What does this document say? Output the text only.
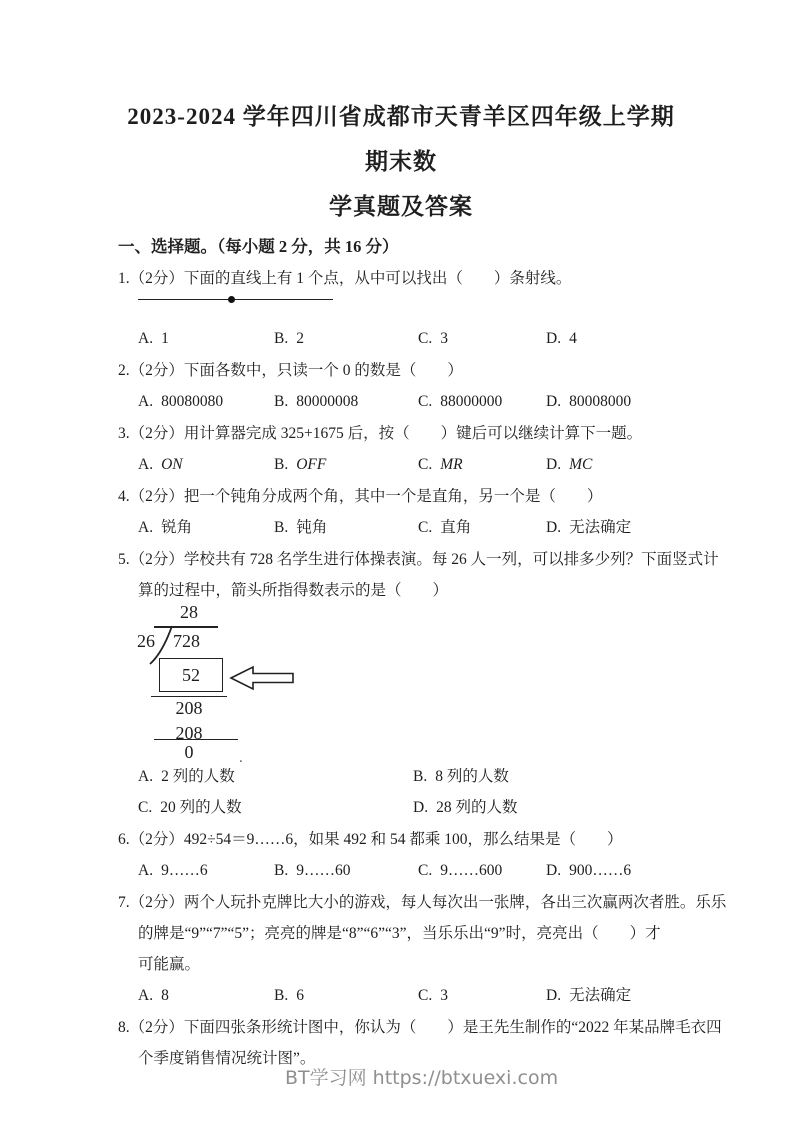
2023-2024 学年四川省成都市天青羊区四年级上学期期末数
学真题及答案
一、选择题。（每小题 2 分，共 16 分）
1.（2分）下面的直线上有 1 个点，从中可以找出（　　）条射线。
A. 1	B. 2	C. 3	D. 4
2.（2分）下面各数中，只读一个 0 的数是（　　）
A. 80080080	B. 80000008	C. 88000000	D. 80008000
3.（2分）用计算器完成 325+1675 后，按（　　）键后可以继续计算下一题。
A. ON	B. OFF	C. MR	D. MC
4.（2分）把一个钝角分成两个角，其中一个是直角，另一个是（　　）
A. 锐角	B. 钝角	C. 直角	D. 无法确定
5.（2分）学校共有 728 名学生进行体操表演。每 26 人一列，可以排多少列？下面竖式计
算的过程中，箭头所指得数表示的是（　　）
28
26	728
52
208
208
0	.
A. 2 列的人数	B. 8 列的人数
C. 20 列的人数	D. 28 列的人数
6.（2分）492÷54＝9……6，如果 492 和 54 都乘 100，那么结果是（　　）
A. 9……6	B. 9……60	C. 9……600	D. 900……6
7.（2分）两个人玩扑克牌比大小的游戏，每人每次出一张牌，各出三次赢两次者胜。乐乐
的牌是“9”“7”“5”；亮亮的牌是“8”“6”“3”，当乐乐出“9”时，亮亮出（　　）才
可能赢。
A. 8	B. 6	C. 3	D. 无法确定
8.（2分）下面四张条形统计图中，你认为（　　）是王先生制作的“2022 年某品牌毛衣四
个季度销售情况统计图”。
BT学习网 https://btxuexi.com
